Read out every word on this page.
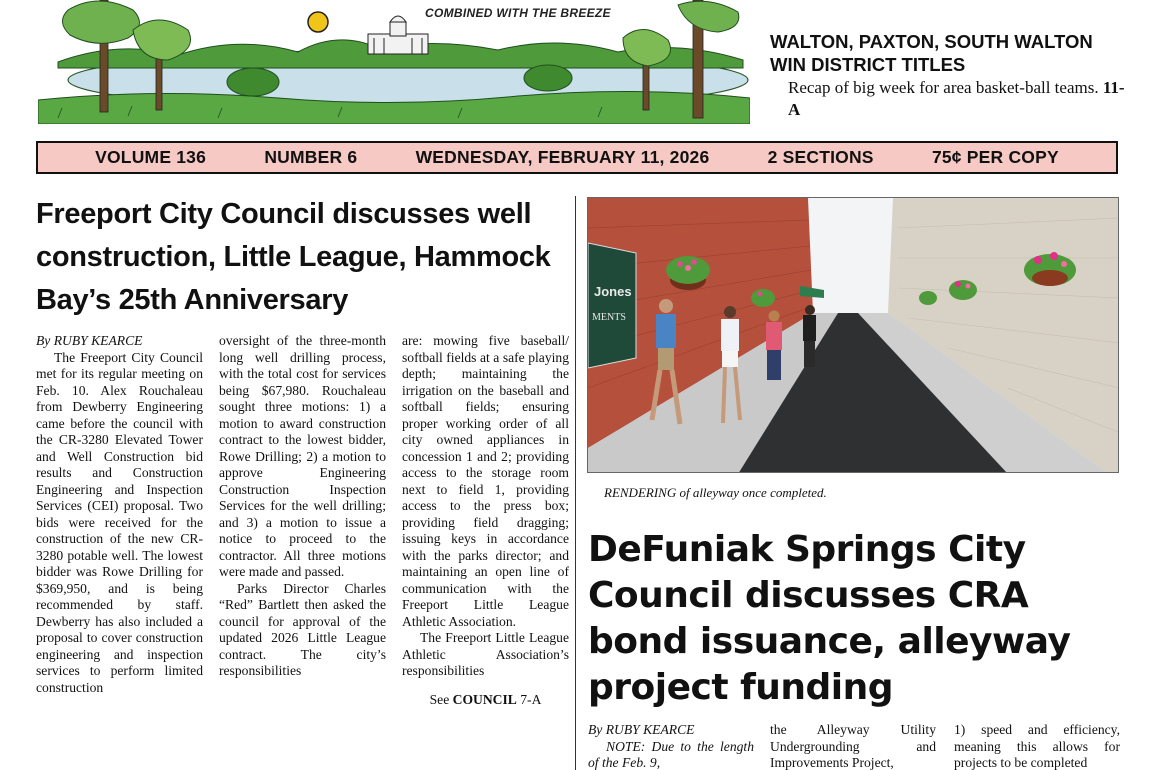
COMBINED WITH THE BREEZE
WALTON, PAXTON, SOUTH WALTON WIN DISTRICT TITLES
Recap of big week for area basket-ball teams. 11-A
VOLUME 136	NUMBER 6	WEDNESDAY, FEBRUARY 11, 2026	2 SECTIONS	75¢ PER COPY
Freeport City Council discusses well construction, Little League, Hammock Bay’s 25th Anniversary

By RUBY KEARCE

The Freeport City Council met for its regular meeting on Feb. 10. Alex Rouchaleau from Dewberry Engineering came before the council with the CR-3280 Elevated Tower and Well Construction bid results and Construction Engineering and Inspection Services (CEI) proposal. Two bids were received for the construction of the new CR-3280 potable well. The lowest bidder was Rowe Drilling for $369,950, and is being recommended by staff. Dewberry has also included a proposal to cover construction engineering and inspection services to perform limited construction

oversight of the three-month long well drilling process, with the total cost for services being $67,980. Rouchaleau sought three motions: 1) a motion to award construction contract to the lowest bidder, Rowe Drilling; 2) a motion to approve Engineering Construction Inspection Services for the well drilling; and 3) a motion to issue a notice to proceed to the contractor. All three motions were made and passed.

Parks Director Charles “Red” Bartlett then asked the council for approval of the updated 2026 Little League contract. The city’s responsibilities

are: mowing five baseball/ softball fields at a safe playing depth; maintaining the irrigation on the baseball and softball fields; ensuring proper working order of all city owned appliances in concession 1 and 2; providing access to the storage room next to field 1, providing access to the press box; providing field dragging; issuing keys in accordance with the parks director; and maintaining an open line of communication with the Freeport Little League Athletic Association.

The Freeport Little League Athletic Association’s responsibilities

See COUNCIL 7-A

Jones
MENTS
RENDERING of alleyway once completed.
DeFuniak Springs City Council discusses CRA bond issuance, alleyway project funding

By RUBY KEARCE

NOTE: Due to the length of the Feb. 9,

the Alleyway Utility Undergrounding and Improvements Project,

1) speed and efficiency, meaning this allows for projects to be completed
